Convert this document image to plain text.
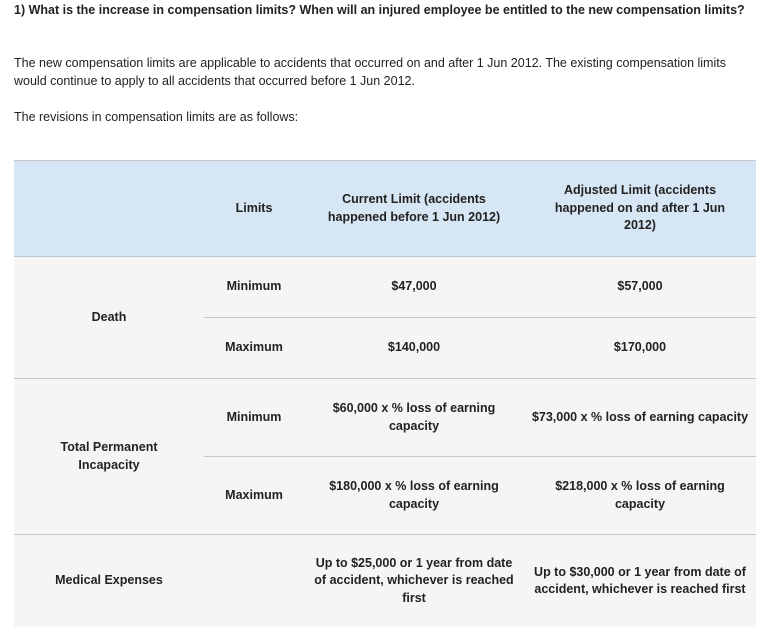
1) What is the increase in compensation limits? When will an injured employee be entitled to the new compensation limits?

The new compensation limits are applicable to accidents that occurred on and after 1 Jun 2012. The existing compensation limits would continue to apply to all accidents that occurred before 1 Jun 2012.

The revisions in compensation limits are as follows:

	Limits	Current Limit (accidents happened before 1 Jun 2012)	Adjusted Limit (accidents happened on and after 1 Jun 2012)
Death	Minimum	$47,000	$57,000
	Maximum	$140,000	$170,000
Total Permanent Incapacity	Minimum	$60,000 x % loss of earning capacity	$73,000 x % loss of earning capacity
	Maximum	$180,000 x % loss of earning capacity	$218,000 x % loss of earning capacity
Medical Expenses		Up to $25,000 or 1 year from date of accident, whichever is reached first	Up to $30,000 or 1 year from date of accident, whichever is reached first
